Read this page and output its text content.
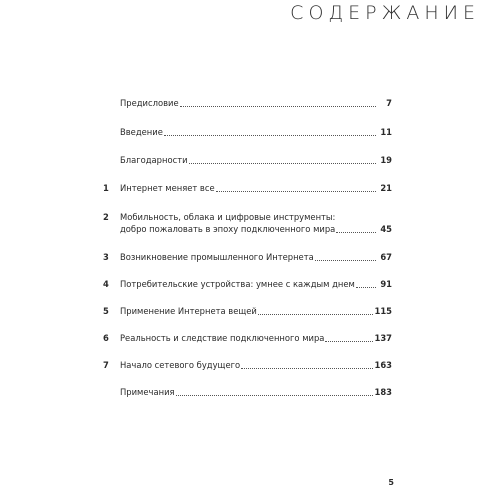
СОДЕРЖАНИЕ
Предисловие	7
Введение	11
Благодарности	19
1	Интернет меняет все	21
2	Мобильность, облака и цифровые инструменты:
добро пожаловать в эпоху подключенного мира	45
3	Возникновение промышленного Интернета	67
4	Потребительские устройства: умнее с каждым днем	91
5	Применение Интернета вещей	115
6	Реальность и следствие подключенного мира	137
7	Начало сетевого будущего	163
Примечания	183
5
